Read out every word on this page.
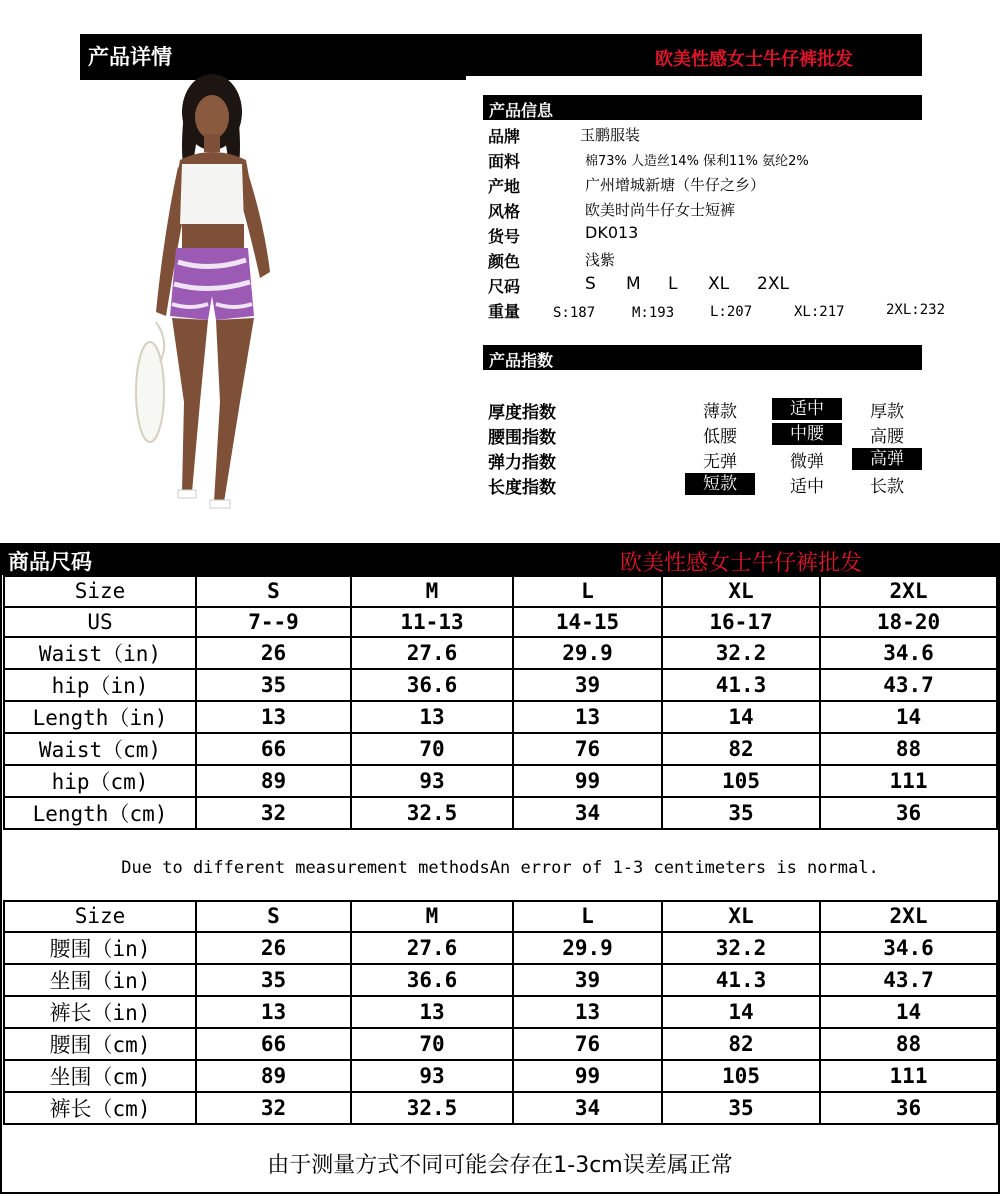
产品详情	欧美性感女士牛仔裤批发
产品信息
品牌	玉鹏服装
面料	棉73% 人造丝14% 保利11% 氨纶2%
产地	广州增城新塘（牛仔之乡）
风格	欧美时尚牛仔女士短裤
货号	DK013
颜色	浅紫
尺码	S M L XL 2XL
重量 S:187	M:193	L:207	XL:217	2XL:232
产品指数
厚度指数	薄款	适中	厚款
腰围指数	低腰	中腰	高腰
弹力指数	无弹	微弹	高弹
长度指数	短款	适中	长款
商品尺码	欧美性感女士牛仔裤批发
Size	S	M	L	XL	2XL
US	7--9	11-13	14-15	16-17	18-20
Waist（in)	26	27.6	29.9	32.2	34.6
hip（in)	35	36.6	39	41.3	43.7
Length（in)	13	13	13	14	14
Waist（cm)	66	70	76	82	88
hip（cm)	89	93	99	105	111
Length（cm)	32	32.5	34	35	36
Due to different measurement methodsAn error of 1-3 centimeters is normal.
Size	S	M	L	XL	2XL
腰围（in)	26	27.6	29.9	32.2	34.6
坐围（in)	35	36.6	39	41.3	43.7
裤长（in)	13	13	13	14	14
腰围（cm)	66	70	76	82	88
坐围（cm)	89	93	99	105	111
裤长（cm)	32	32.5	34	35	36
由于测量方式不同可能会存在1-3cm误差属正常
